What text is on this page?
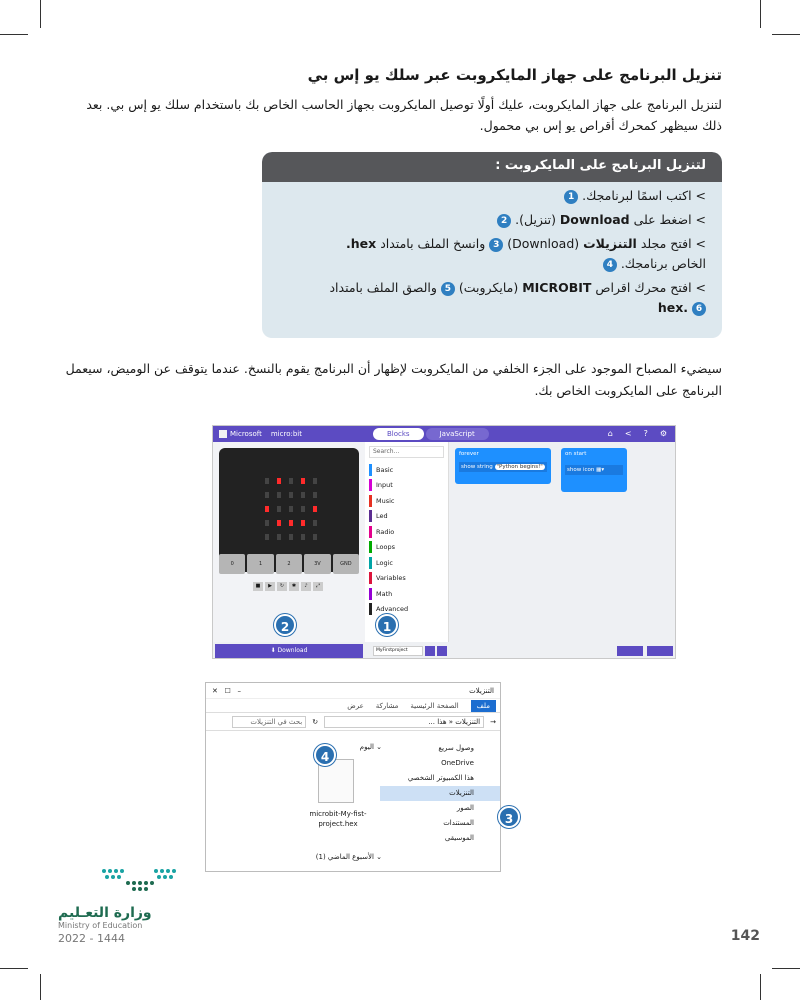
تنزيل البرنامج على جهاز المايكروبت عبر سلك يو إس بي
لتنزيل البرنامج على جهاز المايكروبت، عليك أولًا توصيل المايكروبت بجهاز الحاسب الخاص بك باستخدام سلك يو إس بي. بعد ذلك سيظهر كمحرك أقراص يو إس بي محمول.
لتنزيل البرنامج على المايكروبت :
> اكتب اسمًا لبرنامجك. 1
> اضغط على Download (تنزيل). 2
> افتح مجلد التنزيلات (Download) 3 وانسخ الملف بامتداد hex.
الخاص برنامجك. 4
> افتح محرك اقراص MICROBIT (مايكروبت) 5 والصق الملف بامتداد
6 .hex
سيضيء المصباح الموجود على الجزء الخلفي من المايكروبت لإظهار أن البرنامج يقوم بالنسخ. عندما يتوقف عن الوميض، سيعمل البرنامج على المايكروبت الخاص بك.
Microsoft micro:bit	Blocks	JavaScript	⌂ < ? ⚙
0	1	2	3V	GND
■	▶	↻	✱	♪	⤢
Search...
Basic
Input
Music
Led
Radio
Loops
Logic
Variables
Math
Advanced
forever
show string "Python begins!"
on start
show icon ▦▾
⬇ Download	MyFirstproject
2	1
التنزيلات
✕ ☐ –
ملف
الصفحة الرئيسية
مشاركة
عرض
→
التنزيلات « هذا ...
↻
بحث في التنزيلات
وصول سريع
OneDrive
هذا الكمبيوتر الشخصي
التنزيلات
الصور
المستندات
الموسيقى
⌄ اليوم
microbit-My-fist-project.hex
⌄ الأسبوع الماضي (1)
4
3
وزارة التعـليم
Ministry of Education
2022 - 1444	142
